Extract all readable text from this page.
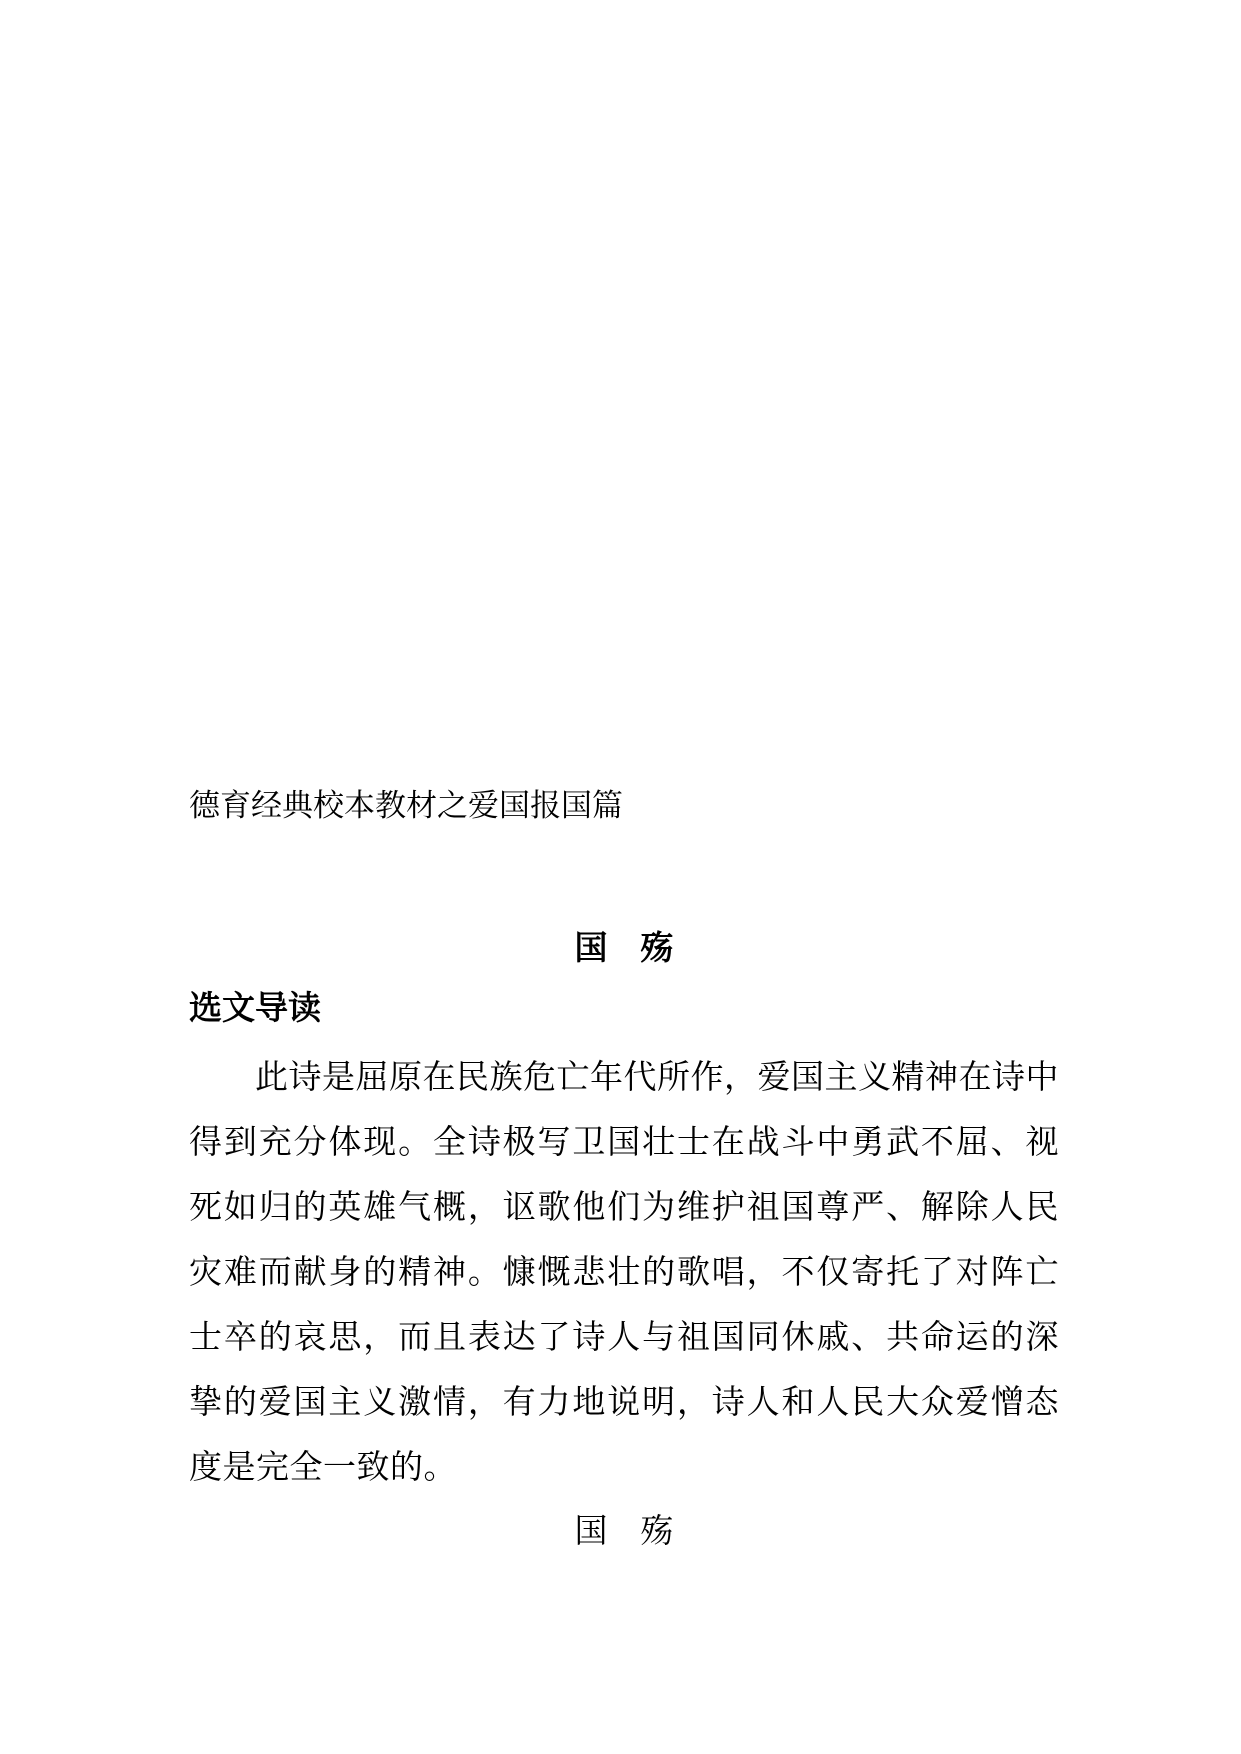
德育经典校本教材之爱国报国篇
国　殇
选文导读

此诗是屈原在民族危亡年代所作，爱国主义精神在诗中得到充分体现。全诗极写卫国壮士在战斗中勇武不屈、视死如归的英雄气概，讴歌他们为维护祖国尊严、解除人民灾难而献身的精神。慷慨悲壮的歌唱，不仅寄托了对阵亡士卒的哀思，而且表达了诗人与祖国同休戚、共命运的深挚的爱国主义激情，有力地说明，诗人和人民大众爱憎态度是完全一致的。

国　殇
